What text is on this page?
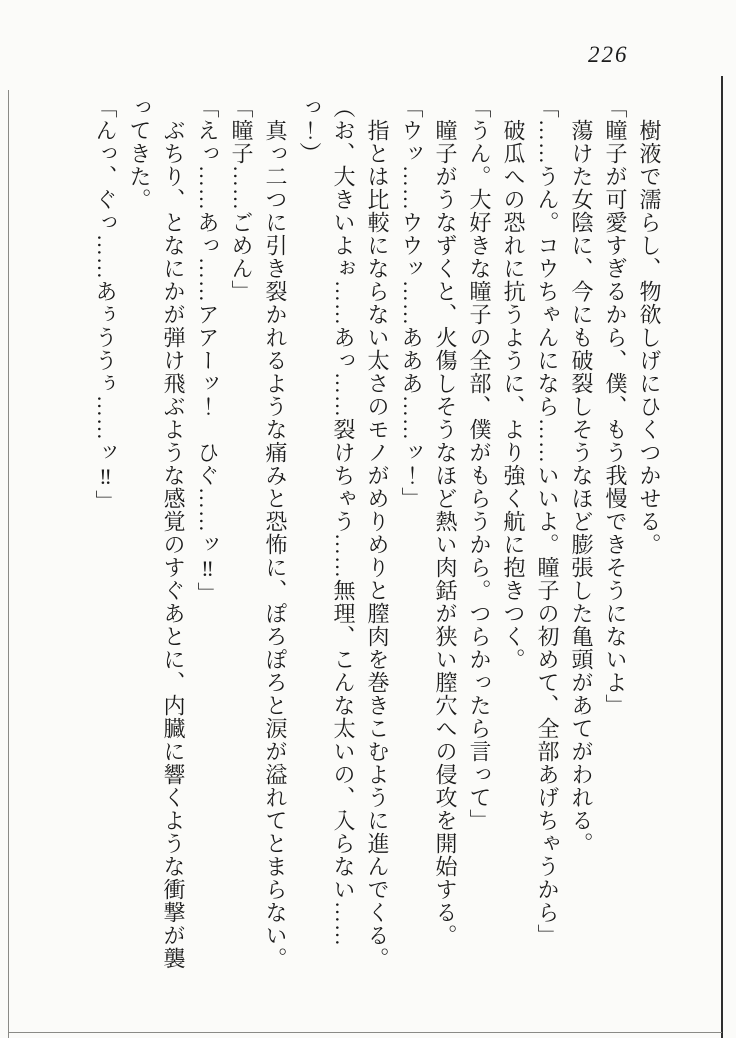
226

　樹液で濡らし、物欲しげにひくつかせる。

「瞳子が可愛すぎるから、僕、もう我慢できそうにないよ」

　蕩けた女陰に、今にも破裂しそうなほど膨張した亀頭があてがわれる。

「……うん。コウちゃんになら……いいよ。瞳子の初めて、全部あげちゃうから」

　破瓜への恐れに抗うように、より強く航に抱きつく。

「うん。大好きな瞳子の全部、僕がもらうから。つらかったら言って」

　瞳子がうなずくと、火傷しそうなほど熱い肉銛が狭い膣穴への侵攻を開始する。

「ウッ……ウウッ……あああ……ッ！」

　指とは比較にならない太さのモノがめりめりと膣肉を巻きこむように進んでくる。

（お、大きいよぉ……あっ……裂けちゃう……無理、こんな太いの、入らない……っ！）

　真っ二つに引き裂かれるような痛みと恐怖に、ぽろぽろと涙が溢れてとまらない。

「瞳子……ごめん」

「えっ……あっ……アアーッ！　ひぐ……ッ‼」

　ぶちり、となにかが弾け飛ぶような感覚のすぐあとに、内臓に響くような衝撃が襲ってきた。

「んっ、ぐっ……あぅううぅ……ッ‼」
